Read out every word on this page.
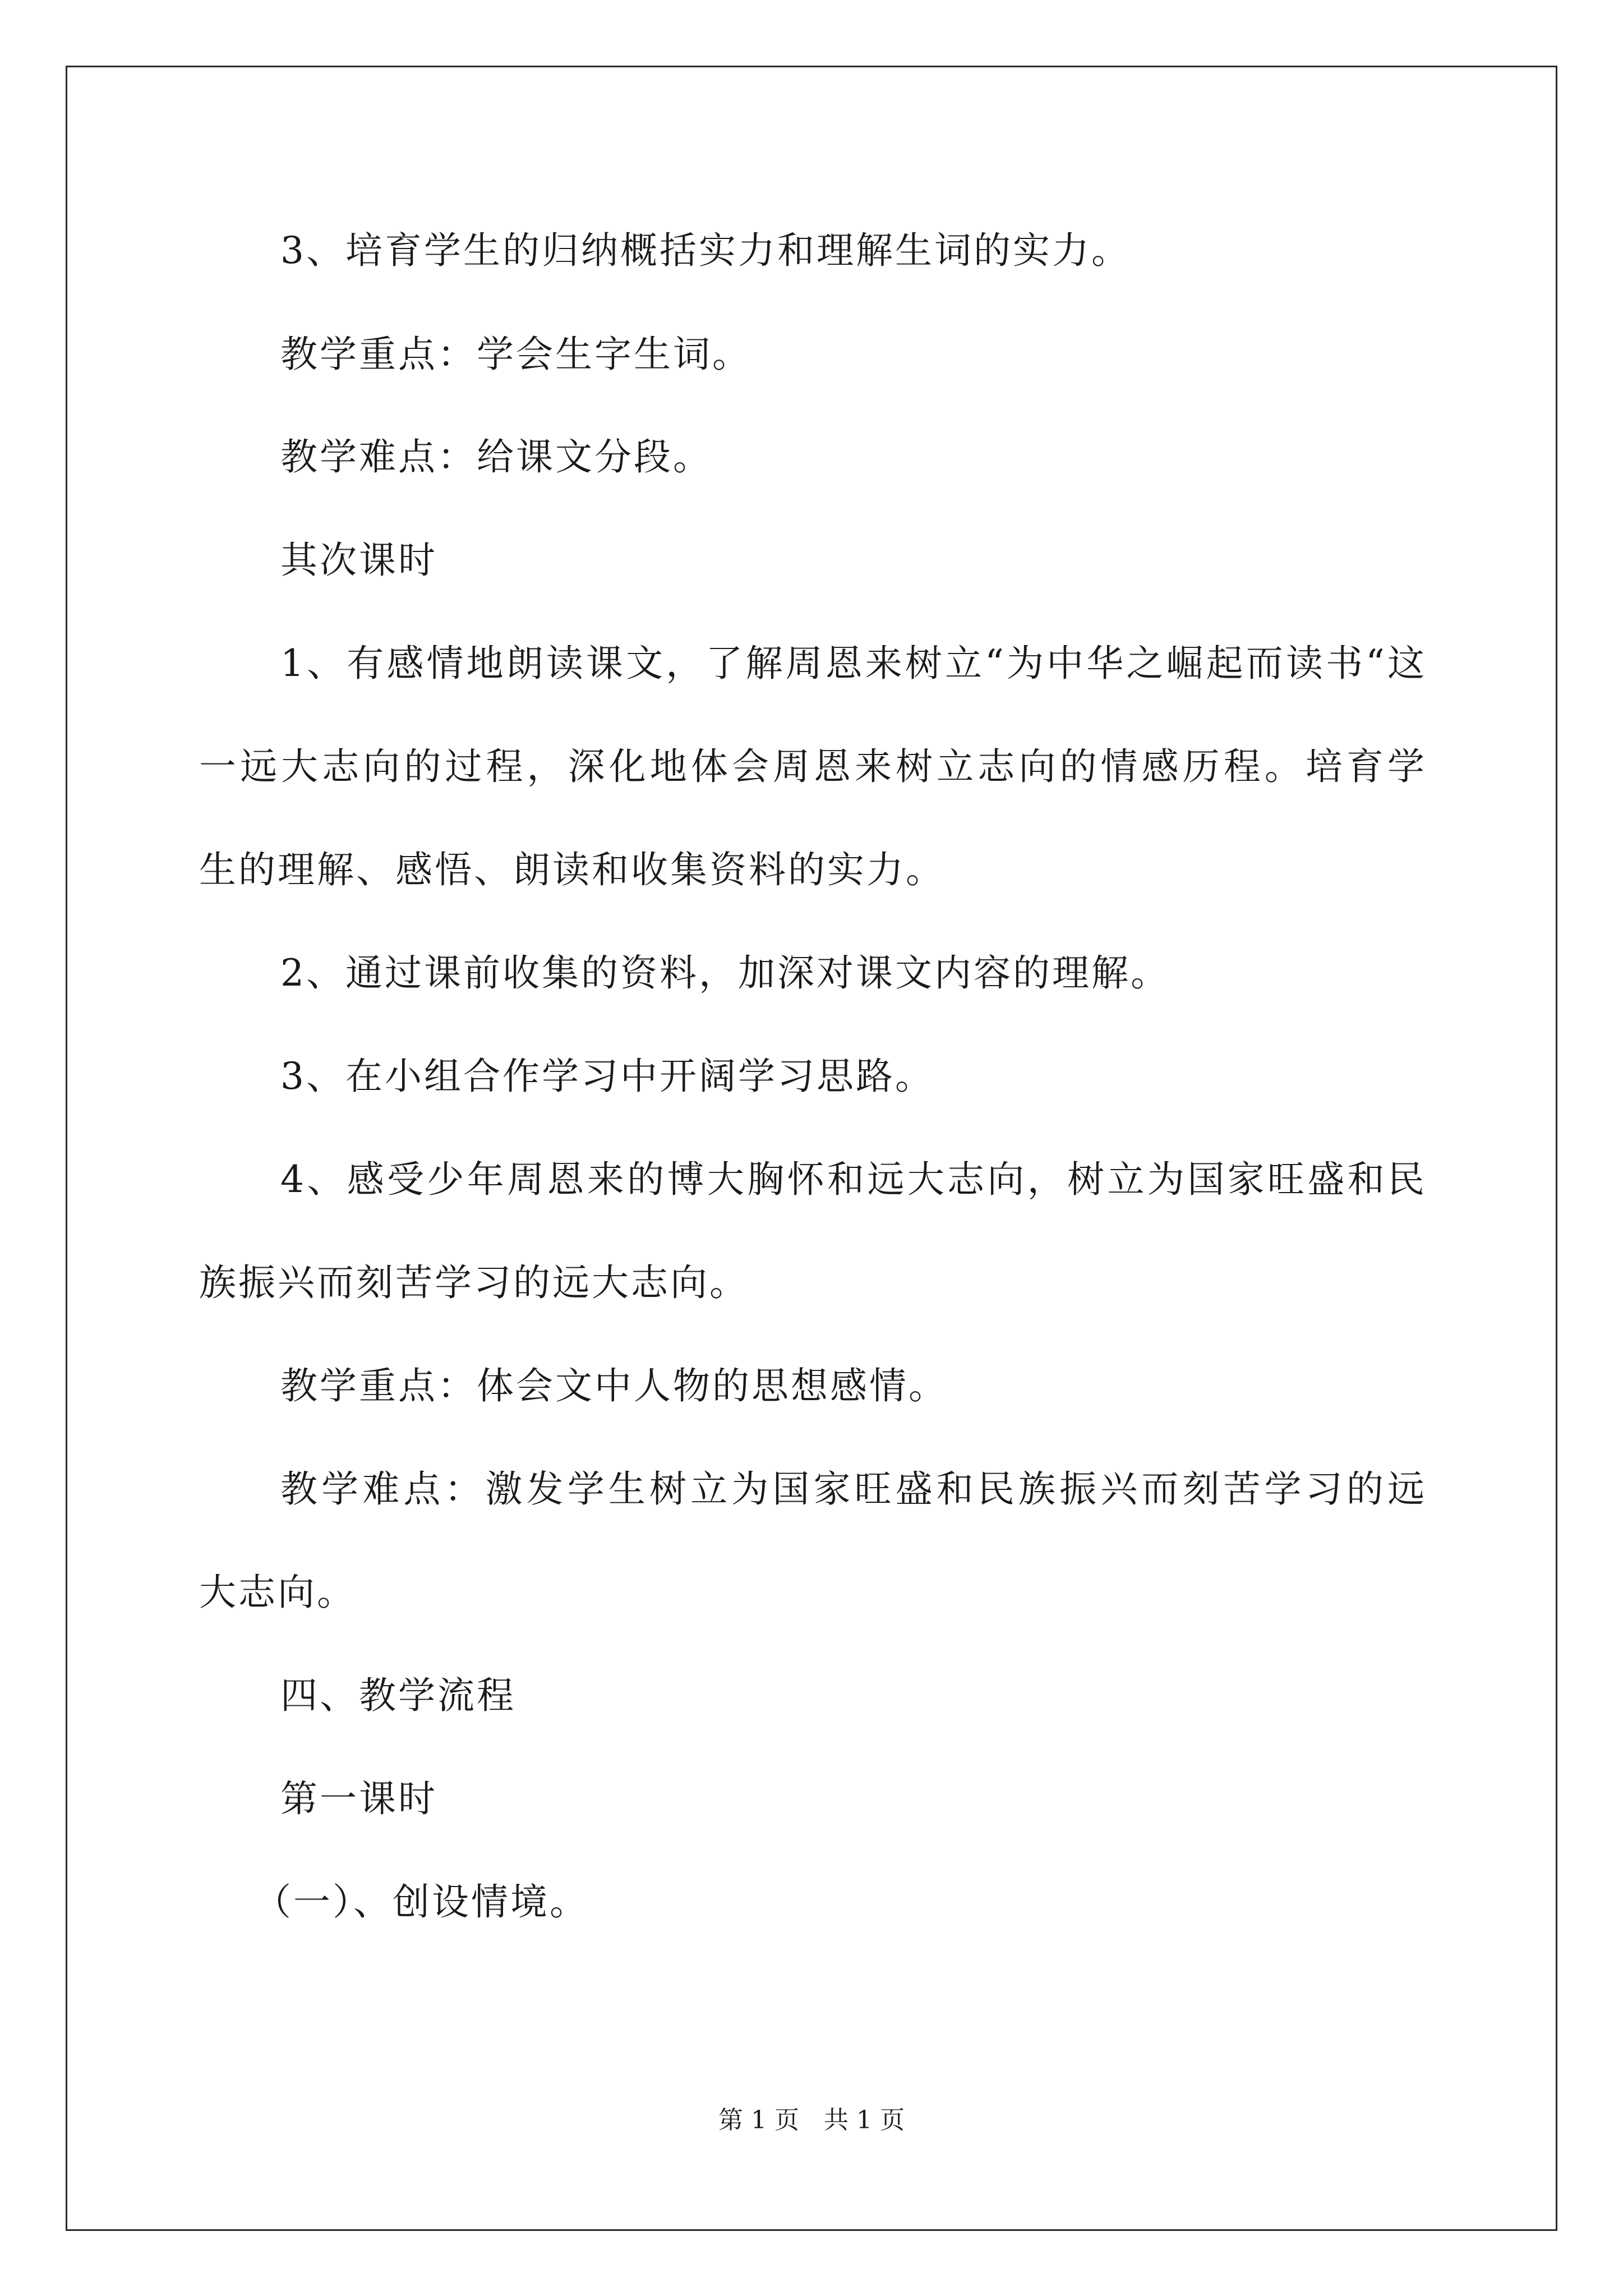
3、培育学生的归纳概括实力和理解生词的实力。
教学重点：学会生字生词。
教学难点：给课文分段。
其次课时
1、有感情地朗读课文，了解周恩来树立“为中华之崛起而读书“这
一远大志向的过程，深化地体会周恩来树立志向的情感历程。培育学
生的理解、感悟、朗读和收集资料的实力。
2、通过课前收集的资料，加深对课文内容的理解。
3、在小组合作学习中开阔学习思路。
4、感受少年周恩来的博大胸怀和远大志向，树立为国家旺盛和民
族振兴而刻苦学习的远大志向。
教学重点：体会文中人物的思想感情。
教学难点：激发学生树立为国家旺盛和民族振兴而刻苦学习的远
大志向。
四、教学流程
第一课时
（一）、创设情境。
第 1 页　共 1 页
